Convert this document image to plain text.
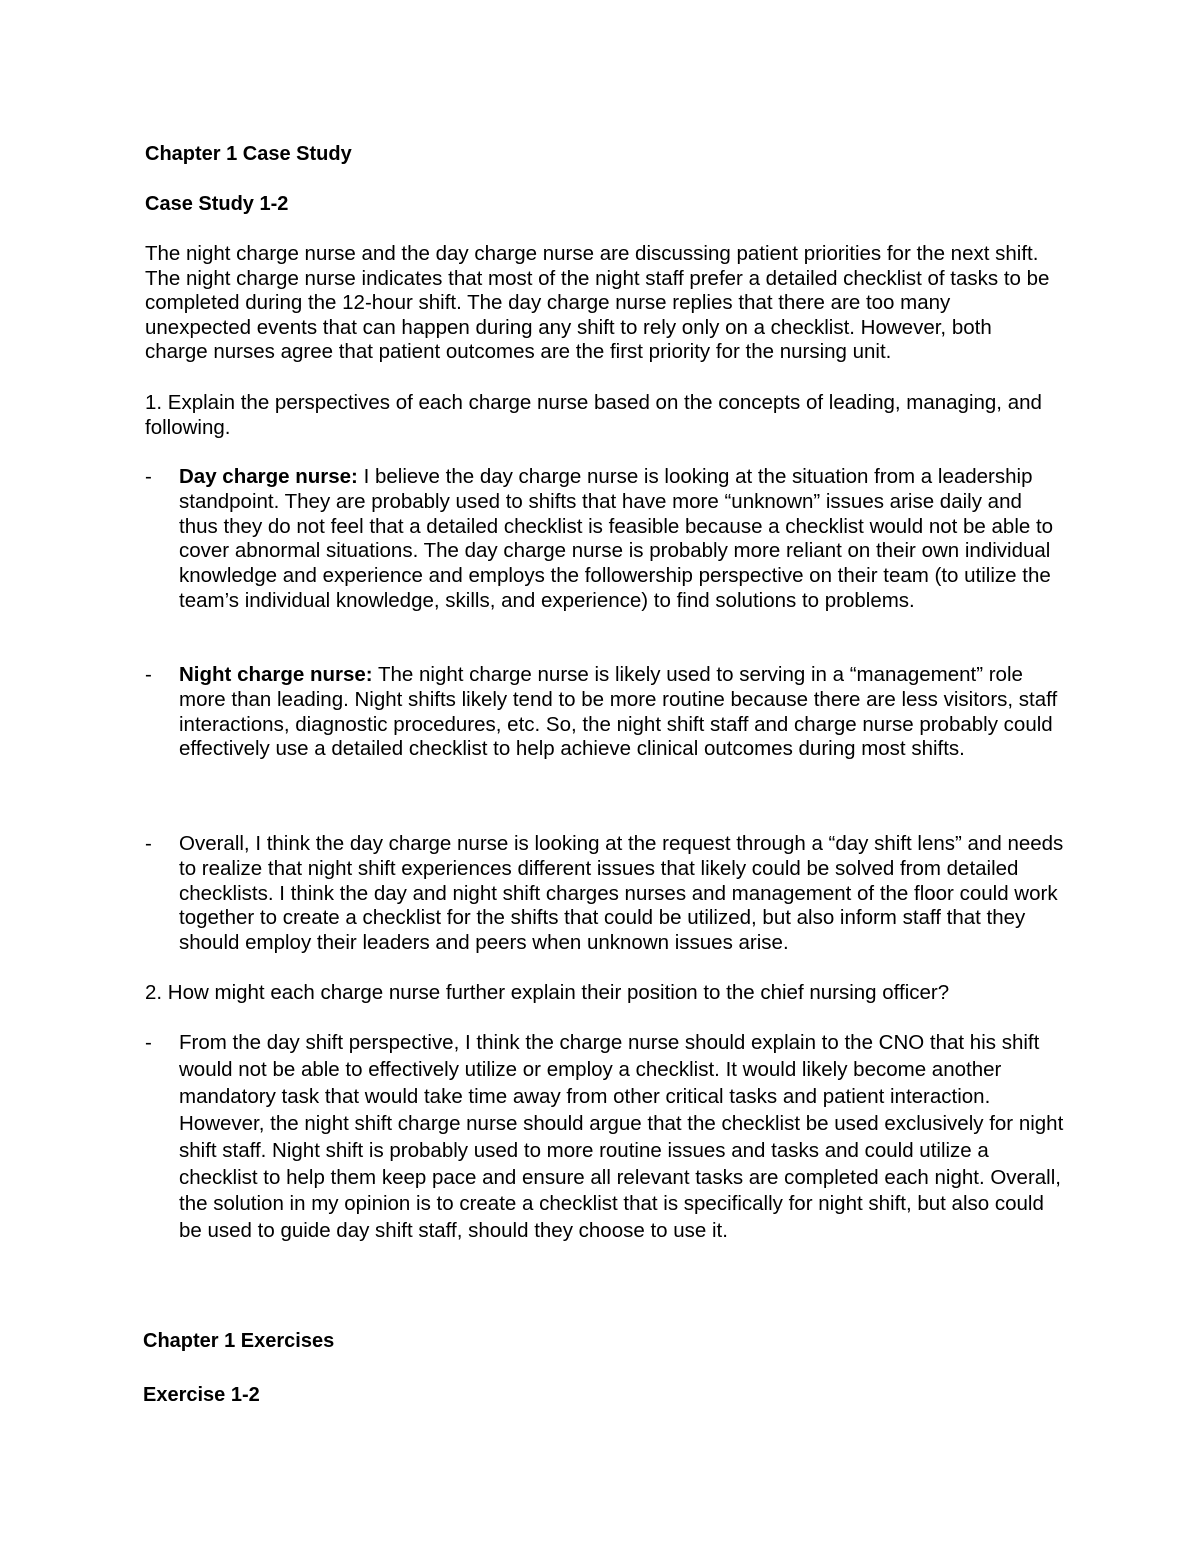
Chapter 1 Case Study

Case Study 1-2

The night charge nurse and the day charge nurse are discussing patient priorities for the next shift. The night charge nurse indicates that most of the night staff prefer a detailed checklist of tasks to be completed during the 12-hour shift. The day charge nurse replies that there are too many unexpected events that can happen during any shift to rely only on a checklist. However, both charge nurses agree that patient outcomes are the first priority for the nursing unit.

1. Explain the perspectives of each charge nurse based on the concepts of leading, managing, and following.

-	Day charge nurse: I believe the day charge nurse is looking at the situation from a leadership standpoint. They are probably used to shifts that have more “unknown” issues arise daily and thus they do not feel that a detailed checklist is feasible because a checklist would not be able to cover abnormal situations. The day charge nurse is probably more reliant on their own individual knowledge and experience and employs the followership perspective on their team (to utilize the team’s individual knowledge, skills, and experience) to find solutions to problems.
-	Night charge nurse: The night charge nurse is likely used to serving in a “management” role more than leading. Night shifts likely tend to be more routine because there are less visitors, staff interactions, diagnostic procedures, etc. So, the night shift staff and charge nurse probably could effectively use a detailed checklist to help achieve clinical outcomes during most shifts.
-	Overall, I think the day charge nurse is looking at the request through a “day shift lens” and needs to realize that night shift experiences different issues that likely could be solved from detailed checklists. I think the day and night shift charges nurses and management of the floor could work together to create a checklist for the shifts that could be utilized, but also inform staff that they should employ their leaders and peers when unknown issues arise.

2. How might each charge nurse further explain their position to the chief nursing officer?

-	From the day shift perspective, I think the charge nurse should explain to the CNO that his shift would not be able to effectively utilize or employ a checklist. It would likely become another mandatory task that would take time away from other critical tasks and patient interaction. However, the night shift charge nurse should argue that the checklist be used exclusively for night shift staff. Night shift is probably used to more routine issues and tasks and could utilize a checklist to help them keep pace and ensure all relevant tasks are completed each night. Overall, the solution in my opinion is to create a checklist that is specifically for night shift, but also could be used to guide day shift staff, should they choose to use it.

Chapter 1 Exercises

Exercise 1-2
